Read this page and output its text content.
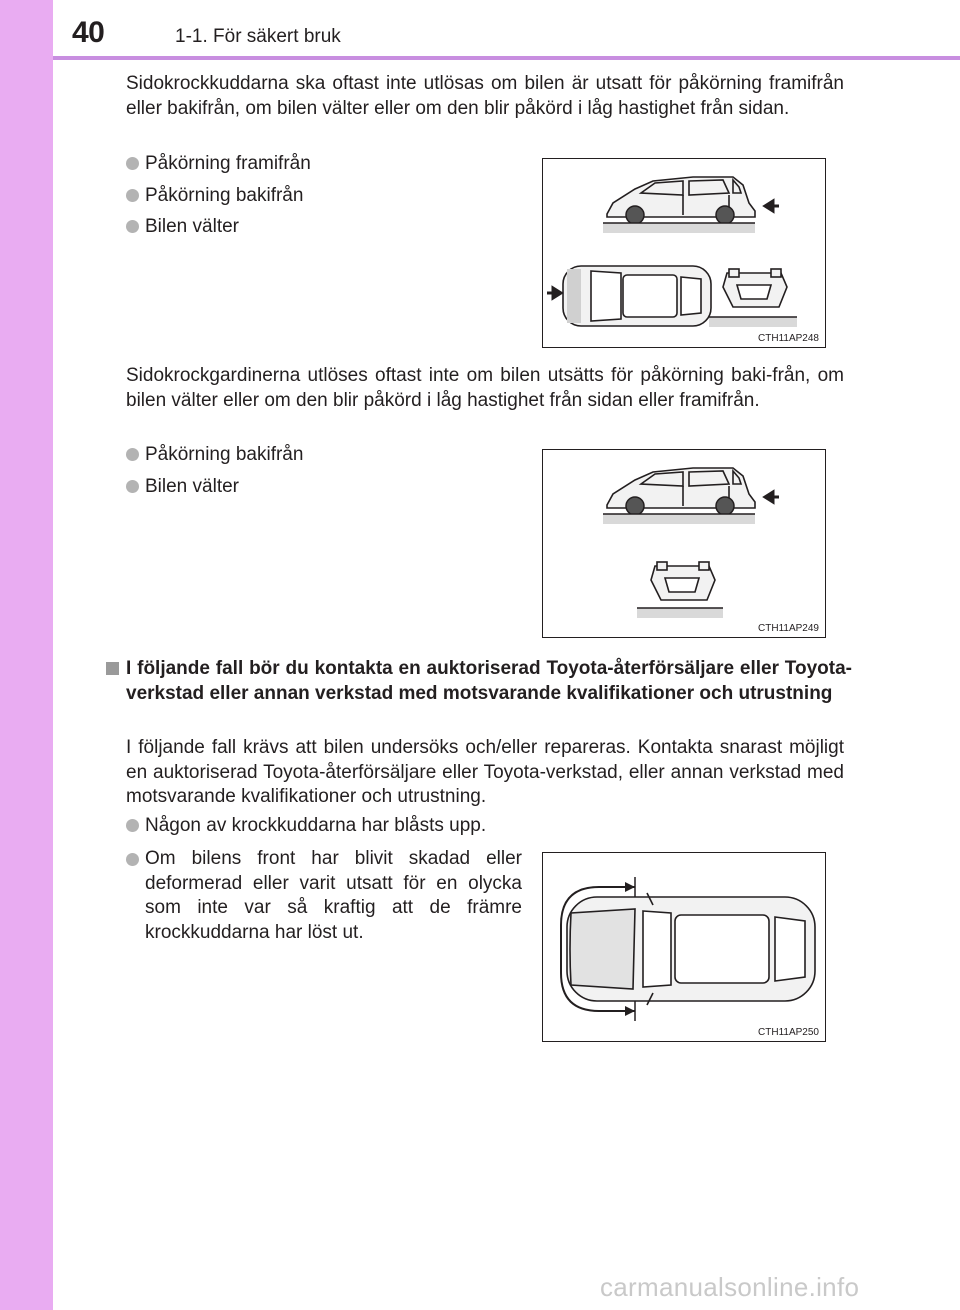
40	1-1. För säkert bruk
Sidokrockkuddarna ska oftast inte utlösas om bilen är utsatt för påkörning framifrån eller bakifrån, om bilen välter eller om den blir påkörd i låg hastighet från sidan.
Påkörning framifrån
Påkörning bakifrån
Bilen välter
CTH11AP248
Sidokrockgardinerna utlöses oftast inte om bilen utsätts för påkörning baki-från, om bilen välter eller om den blir påkörd i låg hastighet från sidan eller framifrån.
Påkörning bakifrån
Bilen välter
CTH11AP249
I följande fall bör du kontakta en auktoriserad Toyota-återförsäljare eller Toyota-verkstad eller annan verkstad med motsvarande kvalifikationer och utrustning
I följande fall krävs att bilen undersöks och/eller repareras. Kontakta snarast möjligt en auktoriserad Toyota-återförsäljare eller Toyota-verkstad, eller annan verkstad med motsvarande kvalifikationer och utrustning.
Någon av krockkuddarna har blåsts upp.
Om bilens front har blivit skadad eller deformerad eller varit utsatt för en olycka som inte var så kraftig att de främre krockkuddarna har löst ut.
CTH11AP250
carmanualsonline.info
